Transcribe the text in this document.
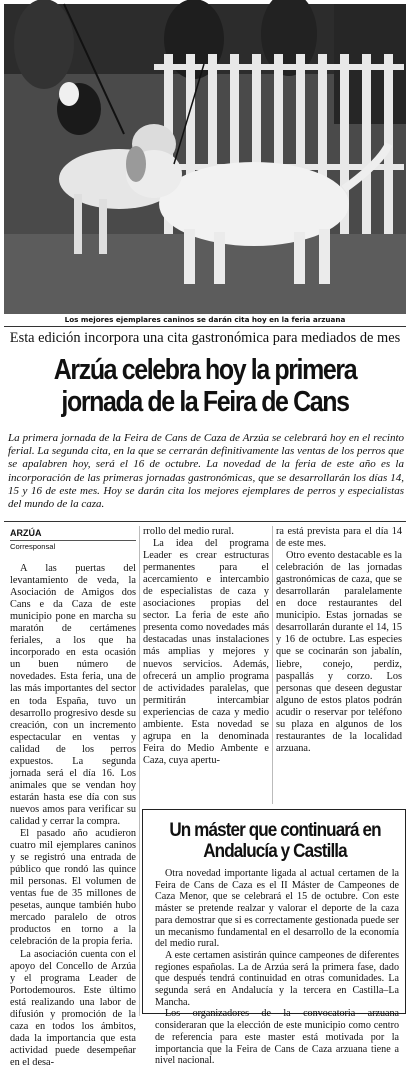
Los mejores ejemplares caninos se darán cita hoy en la feria arzuana
Esta edición incorpora una cita gastronómica para mediados de mes
Arzúa celebra hoy la primera jornada de la Feira de Cans
La primera jornada de la Feira de Cans de Caza de Arzúa se celebrará hoy en el recinto ferial. La segunda cita, en la que se cerrarán definitivamente las ventas de los perros que se apalabren hoy, será el 16 de octubre. La novedad de la feria de este año es la incorporación de las primeras jornadas gastronómicas, que se desarrollarán los días 14, 15 y 16 de este mes. Hoy se darán cita los mejores ejemplares de perros y especialistas del mundo de la caza.
ARZÚA
Corresponsal

A las puertas del levantamiento de veda, la Asociación de Amigos dos Cans e da Caza de este municipio pone en marcha su maratón de certámenes feriales, a los que ha incorporado en esta ocasión un buen número de novedades. Esta feria, una de las más importantes del sector en toda España, tuvo un desarrollo progresivo desde su creación, con un incremento espectacular en ventas y calidad de los perros expuestos. La segunda jornada será el día 16. Los animales que se vendan hoy estarán hasta ese día con sus nuevos amos para verificar su calidad y cerrar la compra.

El pasado año acudieron cuatro mil ejemplares caninos y se registró una entrada de público que rondó las quince mil personas. El volumen de ventas fue de 35 millones de pesetas, aunque también hubo mercado paralelo de otros productos en torno a la celebración de la propia feria.

La asociación cuenta con el apoyo del Concello de Arzúa y el programa Leader de Portodemouros. Este último está realizando una labor de difusión y promoción de la caza en todos los ámbitos, dada la importancia que esta actividad puede desempeñar en el desa-

rrollo del medio rural.

La idea del programa Leader es crear estructuras permanentes para el acercamiento e intercambio de especialistas de caza y asociaciones propias del sector. La feria de este año presenta como novedades más destacadas unas instalaciones más amplias y mejores y nuevos servicios. Además, ofrecerá un amplio programa de actividades paralelas, que permitirán intercambiar experiencias de caza y medio ambiente. Esta novedad se agrupa en la denominada Feira do Medio Ambente e Caza, cuya apertu-

ra está prevista para el día 14 de este mes.

Otro evento destacable es la celebración de las jornadas gastronómicas de caza, que se desarrollarán paralelamente en doce restaurantes del municipio. Estas jornadas se desarrollarán durante el 14, 15 y 16 de octubre. Las especies que se cocinarán son jabalín, liebre, conejo, perdiz, paspallás y corzo. Los personas que deseen degustar alguno de estos platos podrán acudir o reservar por teléfono su plaza en algunos de los restaurantes de la localidad arzuana.

Un máster que continuará en Andalucía y Castilla

Otra novedad importante ligada al actual certamen de la Feira de Cans de Caza es el II Máster de Campeones de Caza Menor, que se celebrará el 15 de octubre. Con este máster se pretende realzar y valorar el deporte de la caza para demostrar que si es correctamente gestionada puede ser un mecanismo fundamental en el desarrollo de la economía del medio rural.

A este certamen asistirán quince campeones de diferentes regiones españolas. La de Arzúa será la primera fase, dado que después tendrá continuidad en otras comunidades. La segunda será en Andalucía y la tercera en Castilla–La Mancha.

Los organizadores de la convocatoria arzuana consideraran que la elección de este municipio como centro de referencia para este master está motivada por la importancia que la Feira de Cans de Caza arzuana tiene a nivel nacional.
